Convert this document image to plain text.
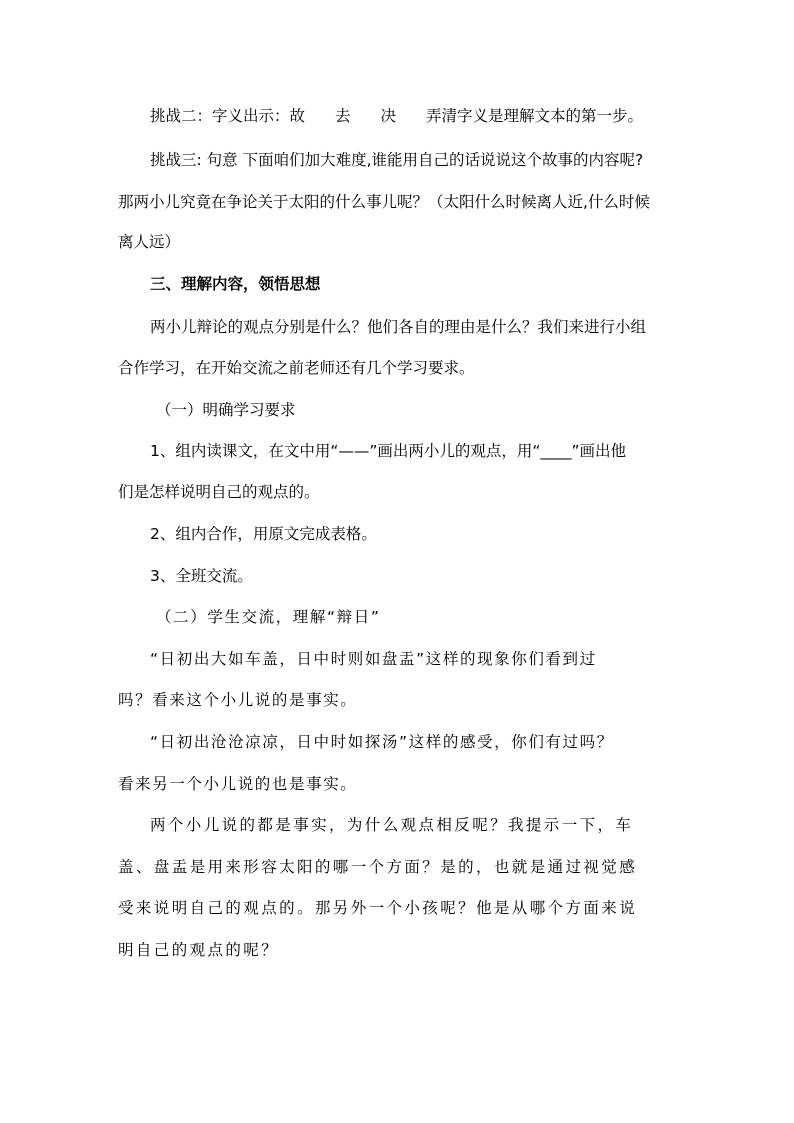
挑战二：字义出示：故 去 决 弄清字义是理解文本的第一步。
挑战三: 句意 下面咱们加大难度,谁能用自己的话说说这个故事的内容呢?
那两小儿究竟在争论关于太阳的什么事儿呢？（太阳什么时候离人近,什么时候
离人远）
三、理解内容，领悟思想
两小儿辩论的观点分别是什么？他们各自的理由是什么？我们来进行小组
合作学习，在开始交流之前老师还有几个学习要求。
（一）明确学习要求
1、组内读课文，在文中用“——”画出两小儿的观点，用“____”画出他
们是怎样说明自己的观点的。
2、组内合作，用原文完成表格。
3、全班交流。
（二）学生交流，理解“辩日”
“日初出大如车盖，日中时则如盘盂”这样的现象你们看到过
吗？看来这个小儿说的是事实。
“日初出沧沧凉凉，日中时如探汤”这样的感受，你们有过吗？
看来另一个小儿说的也是事实。
两个小儿说的都是事实，为什么观点相反呢？我提示一下，车
盖、盘盂是用来形容太阳的哪一个方面？是的，也就是通过视觉感
受来说明自己的观点的。那另外一个小孩呢？他是从哪个方面来说
明自己的观点的呢？
